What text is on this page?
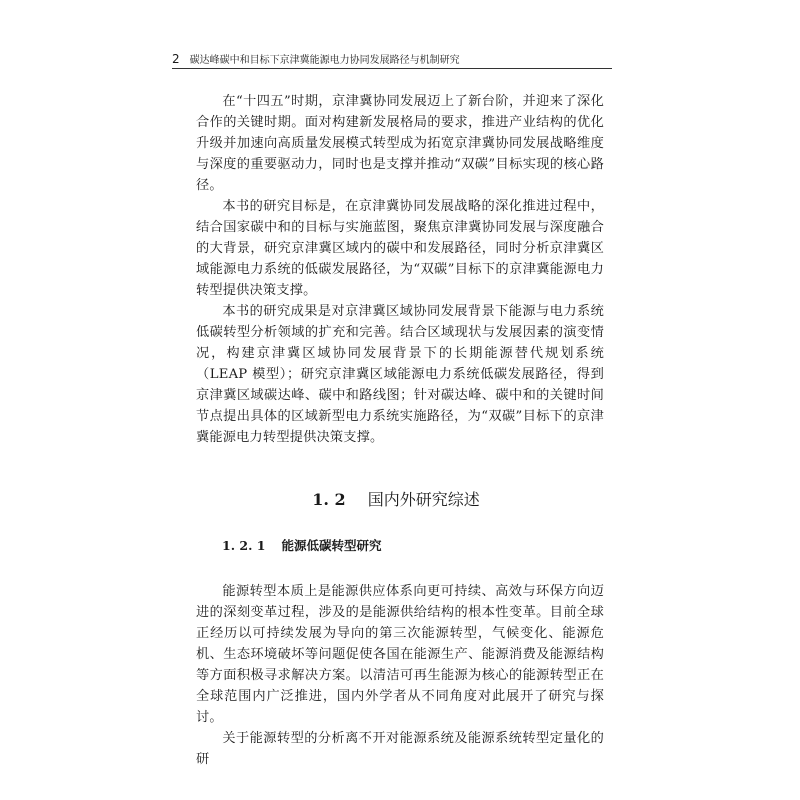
2 碳达峰碳中和目标下京津冀能源电力协同发展路径与机制研究

在“十四五”时期，京津冀协同发展迈上了新台阶，并迎来了深化合作的关键时期。面对构建新发展格局的要求，推进产业结构的优化升级并加速向高质量发展模式转型成为拓宽京津冀协同发展战略维度与深度的重要驱动力，同时也是支撑并推动“双碳”目标实现的核心路径。

本书的研究目标是，在京津冀协同发展战略的深化推进过程中，结合国家碳中和的目标与实施蓝图，聚焦京津冀协同发展与深度融合的大背景，研究京津冀区域内的碳中和发展路径，同时分析京津冀区域能源电力系统的低碳发展路径，为“双碳”目标下的京津冀能源电力转型提供决策支撑。

本书的研究成果是对京津冀区域协同发展背景下能源与电力系统低碳转型分析领域的扩充和完善。结合区域现状与发展因素的演变情况，构建京津冀区域协同发展背景下的长期能源替代规划系统（LEAP 模型）；研究京津冀区域能源电力系统低碳发展路径，得到京津冀区域碳达峰、碳中和路线图；针对碳达峰、碳中和的关键时间节点提出具体的区域新型电力系统实施路径，为“双碳”目标下的京津冀能源电力转型提供决策支撑。

1. 2 国内外研究综述
1. 2. 1 能源低碳转型研究

能源转型本质上是能源供应体系向更可持续、高效与环保方向迈进的深刻变革过程，涉及的是能源供给结构的根本性变革。目前全球正经历以可持续发展为导向的第三次能源转型，气候变化、能源危机、生态环境破坏等问题促使各国在能源生产、能源消费及能源结构等方面积极寻求解决方案。以清洁可再生能源为核心的能源转型正在全球范围内广泛推进，国内外学者从不同角度对此展开了研究与探讨。

关于能源转型的分析离不开对能源系统及能源系统转型定量化的研
